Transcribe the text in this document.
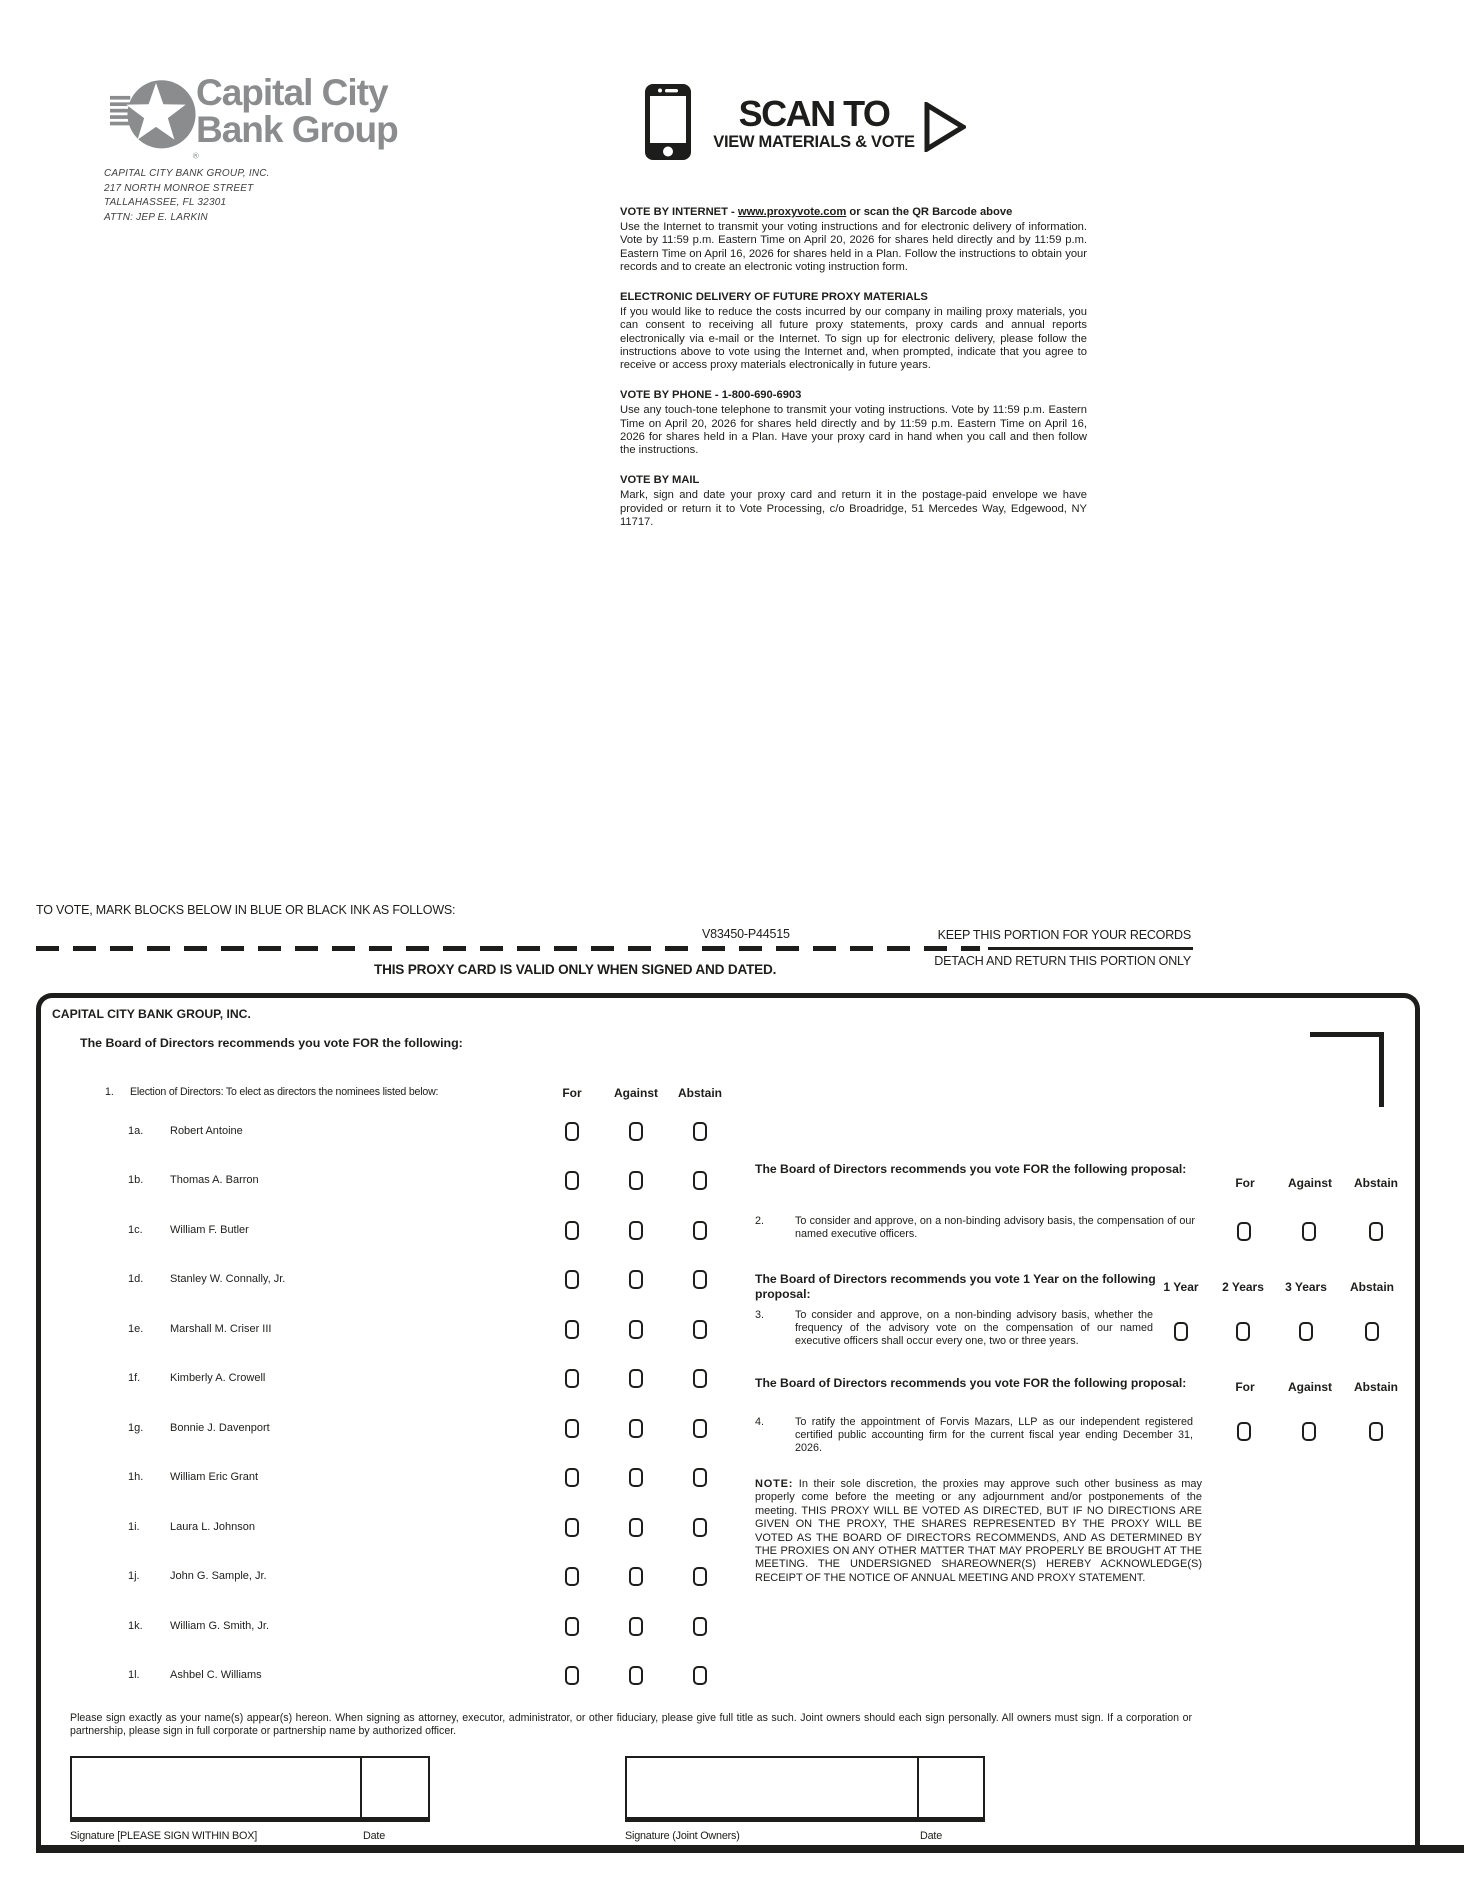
®
Capital City
Bank Group
CAPITAL CITY BANK GROUP, INC.
217 NORTH MONROE STREET
TALLAHASSEE, FL 32301
ATTN: JEP E. LARKIN
SCAN TO
VIEW MATERIALS & VOTE
VOTE BY INTERNET - www.proxyvote.com or scan the QR Barcode above

Use the Internet to transmit your voting instructions and for electronic delivery of information. Vote by 11:59 p.m. Eastern Time on April 20, 2026 for shares held directly and by 11:59 p.m. Eastern Time on April 16, 2026 for shares held in a Plan. Follow the instructions to obtain your records and to create an electronic voting instruction form.

ELECTRONIC DELIVERY OF FUTURE PROXY MATERIALS

If you would like to reduce the costs incurred by our company in mailing proxy materials, you can consent to receiving all future proxy statements, proxy cards and annual reports electronically via e-mail or the Internet. To sign up for electronic delivery, please follow the instructions above to vote using the Internet and, when prompted, indicate that you agree to receive or access proxy materials electronically in future years.

VOTE BY PHONE - 1-800-690-6903

Use any touch-tone telephone to transmit your voting instructions. Vote by 11:59 p.m. Eastern Time on April 20, 2026 for shares held directly and by 11:59 p.m. Eastern Time on April 16, 2026 for shares held in a Plan. Have your proxy card in hand when you call and then follow the instructions.

VOTE BY MAIL

Mark, sign and date your proxy card and return it in the postage-paid envelope we have provided or return it to Vote Processing, c/o Broadridge, 51 Mercedes Way, Edgewood, NY 11717.

TO VOTE, MARK BLOCKS BELOW IN BLUE OR BLACK INK AS FOLLOWS:
V83450-P44515	KEEP THIS PORTION FOR YOUR RECORDS
DETACH AND RETURN THIS PORTION ONLY
THIS PROXY CARD IS VALID ONLY WHEN SIGNED AND DATED.
CAPITAL CITY BANK GROUP, INC.
The Board of Directors recommends you vote FOR the following:
1. Election of Directors: To elect as directors the nominees listed below:	For	Against	Abstain
1a. Robert Antoine
1b. Thomas A. Barron
1c. William F. Butler
1d. Stanley W. Connally, Jr.
1e. Marshall M. Criser III
1f.	Kimberly A. Crowell
1g. Bonnie J. Davenport
1h. William Eric Grant
1i.	Laura L. Johnson
1j.	John G. Sample, Jr.
1k. William G. Smith, Jr.
1l.	Ashbel C. Williams
The Board of Directors recommends you vote FOR the following proposal:
For	Against	Abstain
2.	To consider and approve, on a non-binding advisory basis, the compensation of our named executive officers.
The Board of Directors recommends you vote 1 Year on the following proposal:	1 Year	2 Years	3 Years	Abstain
3.	To consider and approve, on a non-binding advisory basis, whether the frequency of the advisory vote on the compensation of our named executive officers shall occur every one, two or three years.
The Board of Directors recommends you vote FOR the following proposal:	For	Against	Abstain
4.	To ratify the appointment of Forvis Mazars, LLP as our independent registered certified public accounting firm for the current fiscal year ending December 31, 2026.
NOTE: In their sole discretion, the proxies may approve such other business as may properly come before the meeting or any adjournment and/or postponements of the meeting. THIS PROXY WILL BE VOTED AS DIRECTED, BUT IF NO DIRECTIONS ARE GIVEN ON THE PROXY, THE SHARES REPRESENTED BY THE PROXY WILL BE VOTED AS THE BOARD OF DIRECTORS RECOMMENDS, AND AS DETERMINED BY THE PROXIES ON ANY OTHER MATTER THAT MAY PROPERLY BE BROUGHT AT THE MEETING. THE UNDERSIGNED SHAREOWNER(S) HEREBY ACKNOWLEDGE(S) RECEIPT OF THE NOTICE OF ANNUAL MEETING AND PROXY STATEMENT.
Please sign exactly as your name(s) appear(s) hereon. When signing as attorney, executor, administrator, or other fiduciary, please give full title as such. Joint owners should each sign personally. All owners must sign. If a corporation or partnership, please sign in full corporate or partnership name by authorized officer.
Signature [PLEASE SIGN WITHIN BOX]	Date	Signature (Joint Owners)	Date
